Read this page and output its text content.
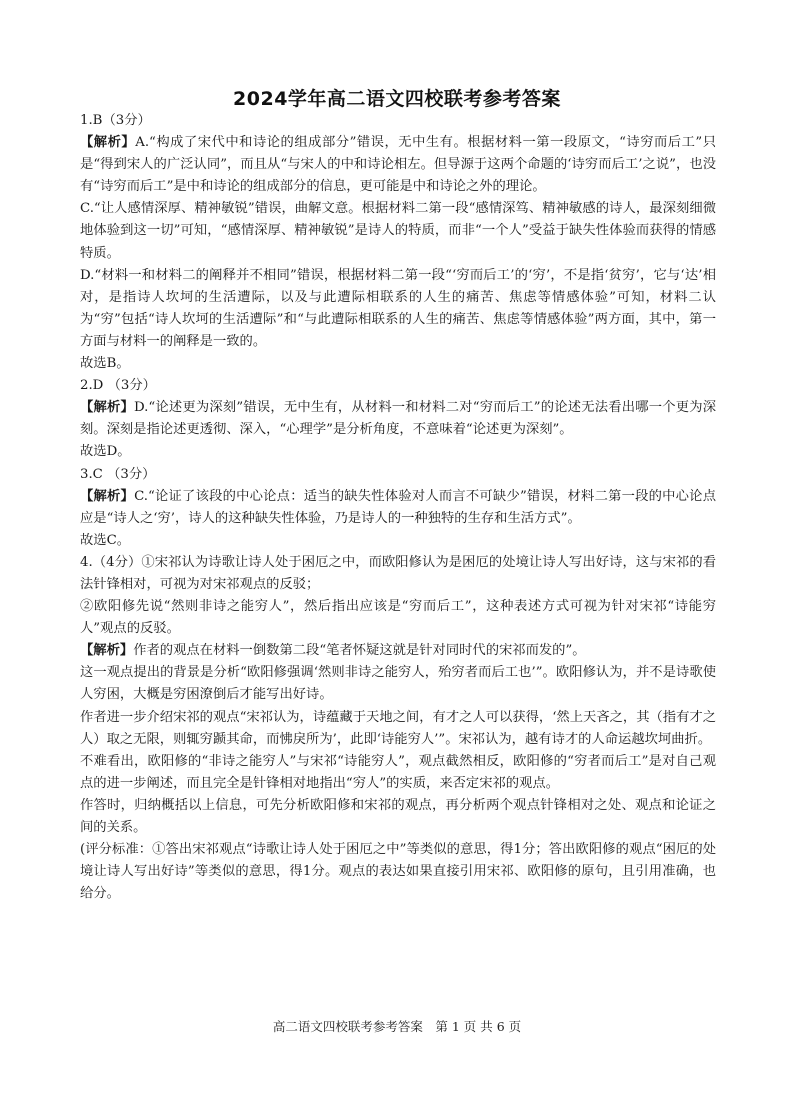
2024学年高二语文四校联考参考答案

1.B（3分）

【解析】A.“构成了宋代中和诗论的组成部分”错误，无中生有。根据材料一第一段原文，“诗穷而后工”只是“得到宋人的广泛认同”，而且从“与宋人的中和诗论相左。但导源于这两个命题的‘诗穷而后工’之说”，也没有“诗穷而后工”是中和诗论的组成部分的信息，更可能是中和诗论之外的理论。

C.“让人感情深厚、精神敏锐”错误，曲解文意。根据材料二第一段“感情深笃、精神敏感的诗人，最深刻细微地体验到这一切”可知，“感情深厚、精神敏锐”是诗人的特质，而非“一个人”受益于缺失性体验而获得的情感特质。

D.“材料一和材料二的阐释并不相同”错误，根据材料二第一段“‘穷而后工’的‘穷’，不是指‘贫穷’，它与‘达’相对，是指诗人坎坷的生活遭际，以及与此遭际相联系的人生的痛苦、焦虑等情感体验”可知，材料二认为“穷”包括“诗人坎坷的生活遭际”和“与此遭际相联系的人生的痛苦、焦虑等情感体验”两方面，其中，第一方面与材料一的阐释是一致的。

故选B。

2.D （3分）

【解析】D.“论述更为深刻”错误，无中生有，从材料一和材料二对“穷而后工”的论述无法看出哪一个更为深刻。深刻是指论述更透彻、深入，“心理学”是分析角度，不意味着“论述更为深刻”。

故选D。

3.C （3分）

【解析】C.“论证了该段的中心论点：适当的缺失性体验对人而言不可缺少”错误，材料二第一段的中心论点应是“诗人之‘穷’，诗人的这种缺失性体验，乃是诗人的一种独特的生存和生活方式”。

故选C。

4.（4分）①宋祁认为诗歌让诗人处于困厄之中，而欧阳修认为是困厄的处境让诗人写出好诗，这与宋祁的看法针锋相对，可视为对宋祁观点的反驳；

②欧阳修先说“然则非诗之能穷人”，然后指出应该是“穷而后工”，这种表述方式可视为针对宋祁“诗能穷人”观点的反驳。

【解析】作者的观点在材料一倒数第二段“笔者怀疑这就是针对同时代的宋祁而发的”。

这一观点提出的背景是分析“欧阳修强调‘然则非诗之能穷人，殆穷者而后工也’”。欧阳修认为，并不是诗歌使人穷困，大概是穷困潦倒后才能写出好诗。

作者进一步介绍宋祁的观点“宋祁认为，诗蕴藏于天地之间，有才之人可以获得，‘然上天吝之，其（指有才之人）取之无限，则辄穷踬其命，而怫戾所为’，此即‘诗能穷人’”。宋祁认为，越有诗才的人命运越坎坷曲折。

不难看出，欧阳修的“非诗之能穷人”与宋祁“诗能穷人”，观点截然相反，欧阳修的“穷者而后工”是对自己观点的进一步阐述，而且完全是针锋相对地指出“穷人”的实质，来否定宋祁的观点。

作答时，归纳概括以上信息，可先分析欧阳修和宋祁的观点，再分析两个观点针锋相对之处、观点和论证之间的关系。

(评分标准：①答出宋祁观点“诗歌让诗人处于困厄之中”等类似的意思，得1分；答出欧阳修的观点“困厄的处境让诗人写出好诗”等类似的意思，得1分。观点的表达如果直接引用宋祁、欧阳修的原句，且引用准确，也给分。

高二语文四校联考参考答案　第 1 页 共 6 页
